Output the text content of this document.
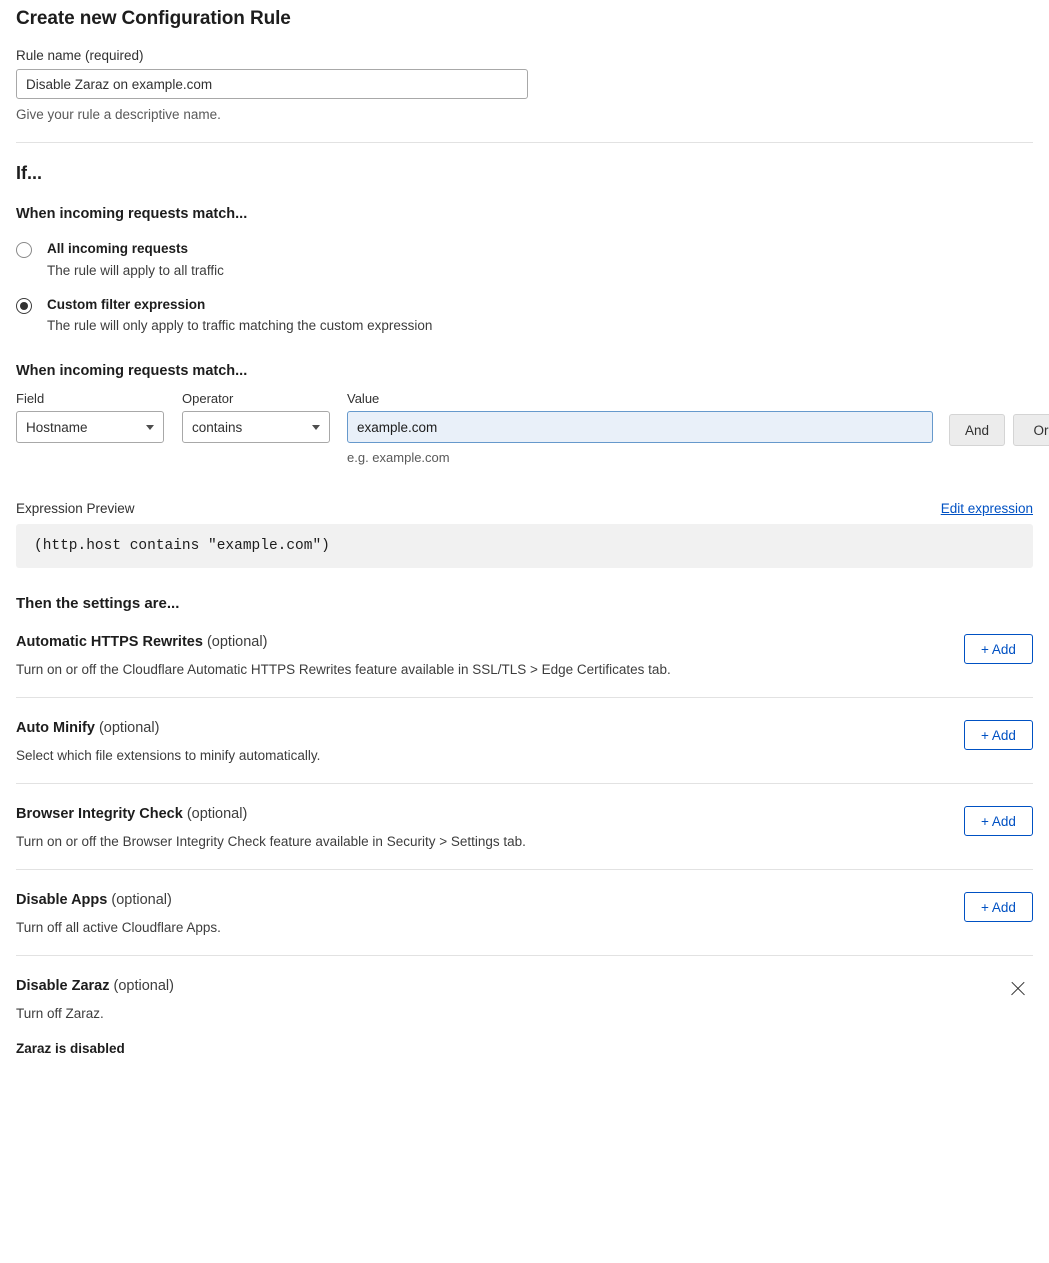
Create new Configuration Rule
Rule name (required)
Disable Zaraz on example.com
Give your rule a descriptive name.
If...
When incoming requests match...
All incoming requests
The rule will apply to all traffic
Custom filter expression
The rule will only apply to traffic matching the custom expression
When incoming requests match...
Field
Hostname
Operator
contains
Value
example.com
e.g. example.com
And	Or
Expression Preview	Edit expression
(http.host contains "example.com")
Then the settings are...
Automatic HTTPS Rewrites (optional)
Turn on or off the Cloudflare Automatic HTTPS Rewrites feature available in SSL/TLS > Edge Certificates tab.
+ Add
Auto Minify (optional)
Select which file extensions to minify automatically.
+ Add
Browser Integrity Check (optional)
Turn on or off the Browser Integrity Check feature available in Security > Settings tab.
+ Add
Disable Apps (optional)
Turn off all active Cloudflare Apps.
+ Add
Disable Zaraz (optional)
Turn off Zaraz.
Zaraz is disabled
